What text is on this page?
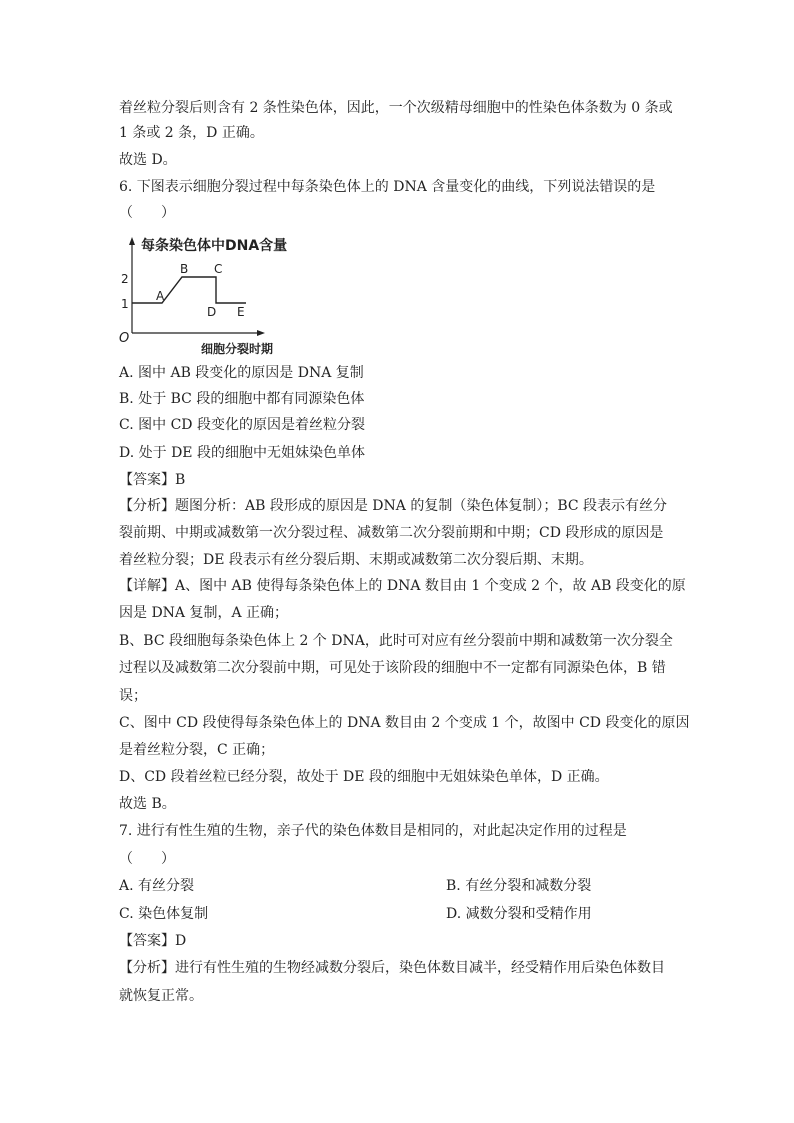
着丝粒分裂后则含有 2 条性染色体，因此，一个次级精母细胞中的性染色体条数为 0 条或
1 条或 2 条，D 正确。
故选 D。
6. 下图表示细胞分裂过程中每条染色体上的 DNA 含量变化的曲线，下列说法错误的是
（　　）
每条染色体中DNA含量
2
1
O
A
B C
D E
细胞分裂时期
A. 图中 AB 段变化的原因是 DNA 复制
B. 处于 BC 段的细胞中都有同源染色体
C. 图中 CD 段变化的原因是着丝粒分裂
D. 处于 DE 段的细胞中无姐妹染色单体
【答案】B
【分析】题图分析：AB 段形成的原因是 DNA 的复制（染色体复制）；BC 段表示有丝分
裂前期、中期或减数第一次分裂过程、减数第二次分裂前期和中期；CD 段形成的原因是
着丝粒分裂；DE 段表示有丝分裂后期、末期或减数第二次分裂后期、末期。
【详解】A、图中 AB 使得每条染色体上的 DNA 数目由 1 个变成 2 个，故 AB 段变化的原
因是 DNA 复制，A 正确；
B、BC 段细胞每条染色体上 2 个 DNA，此时可对应有丝分裂前中期和减数第一次分裂全
过程以及减数第二次分裂前中期，可见处于该阶段的细胞中不一定都有同源染色体，B 错
误；
C、图中 CD 段使得每条染色体上的 DNA 数目由 2 个变成 1 个，故图中 CD 段变化的原因
是着丝粒分裂，C 正确；
D、CD 段着丝粒已经分裂，故处于 DE 段的细胞中无姐妹染色单体，D 正确。
故选 B。
7. 进行有性生殖的生物，亲子代的染色体数目是相同的，对此起决定作用的过程是
（　　）
A. 有丝分裂	B. 有丝分裂和减数分裂
C. 染色体复制	D. 减数分裂和受精作用
【答案】D
【分析】进行有性生殖的生物经减数分裂后，染色体数目减半，经受精作用后染色体数目
就恢复正常。
